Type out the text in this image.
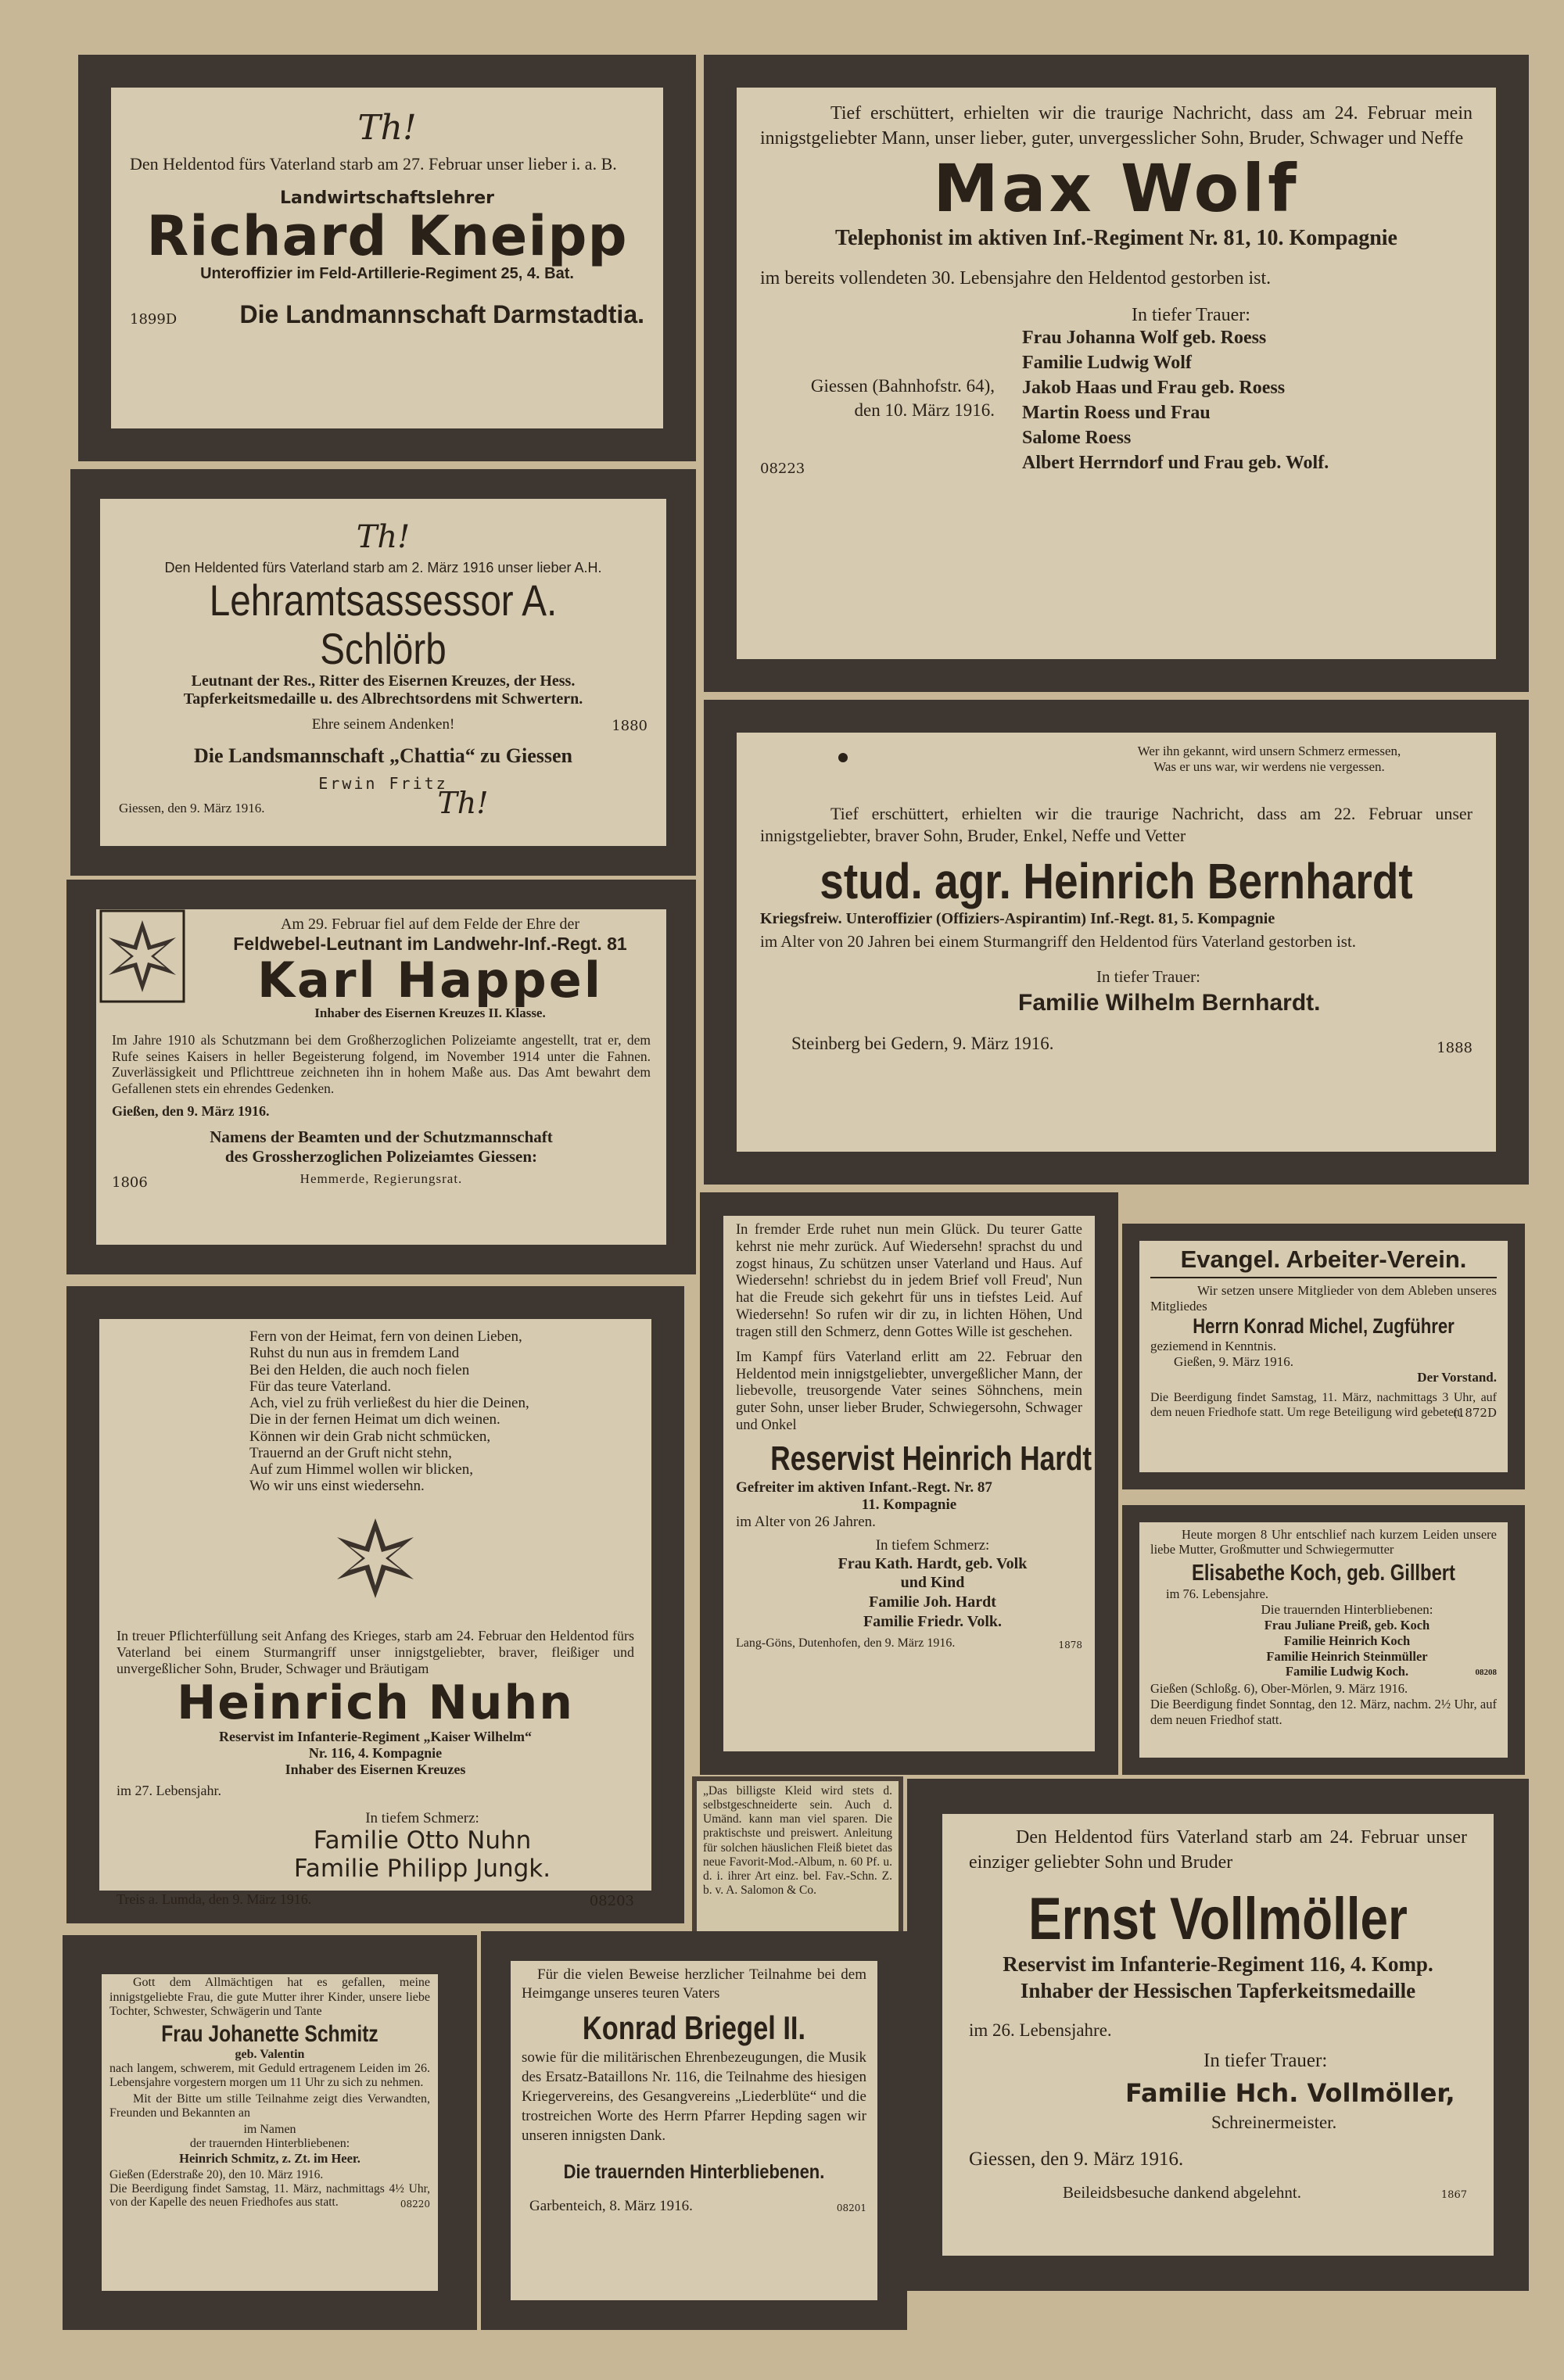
Th!

Den Heldentod fürs Vaterland starb am 27. Februar unser lieber i. a. B.

Landwirtschaftslehrer

Richard Kneipp

Unteroffizier im Feld-Artillerie-Regiment 25, 4. Bat.

1899D	Die Landmannschaft Darmstadtia.
Th!

Den Heldented fürs Vaterland starb am 2. März 1916 unser lieber A.H.

Lehramtsassessor A. Schlörb

Leutnant der Res., Ritter des Eisernen Kreuzes, der Hess.

Tapferkeitsmedaille u. des Albrechtsordens mit Schwertern.

Ehre seinem Andenken!	1880

Die Landsmannschaft „Chattia“ zu Giessen

Erwin Fritz

Giessen, den 9. März 1916.	Th!

Am 29. Februar fiel auf dem Felde der Ehre der

Feldwebel-Leutnant im Landwehr-Inf.-Regt. 81

Karl Happel

Inhaber des Eisernen Kreuzes II. Klasse.

Im Jahre 1910 als Schutzmann bei dem Großherzoglichen Polizeiamte angestellt, trat er, dem Rufe seines Kaisers in heller Begeisterung folgend, im November 1914 unter die Fahnen. Zuverlässigkeit und Pflichttreue zeichneten ihn in hohem Maße aus. Das Amt bewahrt dem Gefallenen stets ein ehrendes Gedenken.

Gießen, den 9. März 1916.

Namens der Beamten und der Schutzmannschaft

des Grossherzoglichen Polizeiamtes Giessen:

1806	Hemmerde, Regierungsrat.
Fern von der Heimat, fern von deinen Lieben,
Ruhst du nun aus in fremdem Land
Bei den Helden, die auch noch fielen
Für das teure Vaterland.
Ach, viel zu früh verließest du hier die Deinen,
Die in der fernen Heimat um dich weinen.
Können wir dein Grab nicht schmücken,
Trauernd an der Gruft nicht stehn,
Auf zum Himmel wollen wir blicken,
Wo wir uns einst wiedersehn.

In treuer Pflichterfüllung seit Anfang des Krieges, starb am 24. Februar den Heldentod fürs Vaterland bei einem Sturmangriff unser innigstgeliebter, braver, fleißiger und unvergeßlicher Sohn, Bruder, Schwager und Bräutigam

Heinrich Nuhn

Reservist im Infanterie-Regiment „Kaiser Wilhelm“

Nr. 116, 4. Kompagnie

Inhaber des Eisernen Kreuzes

im 27. Lebensjahr.

In tiefem Schmerz:

Familie Otto Nuhn

Familie Philipp Jungk.

Treis a. Lumda, den 9. März 1916.	08203

Tief erschüttert, erhielten wir die traurige Nachricht, dass am 24. Februar mein innigstgeliebter Mann, unser lieber, guter, unvergesslicher Sohn, Bruder, Schwager und Neffe

Max Wolf

Telephonist im aktiven Inf.-Regiment Nr. 81, 10. Kompagnie

im bereits vollendeten 30. Lebensjahre den Heldentod gestorben ist.

In tiefer Trauer:

Giessen (Bahnhofstr. 64),
den 10. März 1916.
08223
Frau Johanna Wolf geb. Roess
Familie Ludwig Wolf
Jakob Haas und Frau geb. Roess
Martin Roess und Frau
Salome Roess
Albert Herrndorf und Frau geb. Wolf.
Wer ihn gekannt, wird unsern Schmerz ermessen,
Was er uns war, wir werdens nie vergessen.

Tief erschüttert, erhielten wir die traurige Nachricht, dass am 22. Februar unser innigstgeliebter, braver Sohn, Bruder, Enkel, Neffe und Vetter

stud. agr. Heinrich Bernhardt

Kriegsfreiw. Unteroffizier (Offiziers-Aspirantim) Inf.-Regt. 81, 5. Kompagnie

im Alter von 20 Jahren bei einem Sturmangriff den Heldentod fürs Vaterland gestorben ist.

In tiefer Trauer:

Familie Wilhelm Bernhardt.

Steinberg bei Gedern, 9. März 1916.	1888

In fremder Erde ruhet nun mein Glück. Du teurer Gatte kehrst nie mehr zurück. Auf Wiedersehn! sprachst du und zogst hinaus, Zu schützen unser Vaterland und Haus. Auf Wiedersehn! schriebst du in jedem Brief voll Freud', Nun hat die Freude sich gekehrt für uns in tiefstes Leid. Auf Wiedersehn! So rufen wir dir zu, in lichten Höhen, Und tragen still den Schmerz, denn Gottes Wille ist geschehen.

Im Kampf fürs Vaterland erlitt am 22. Februar den Heldentod mein innigstgeliebter, unvergeßlicher Mann, der liebevolle, treusorgende Vater seines Söhnchens, mein guter Sohn, unser lieber Bruder, Schwiegersohn, Schwager und Onkel

Reservist Heinrich Hardt

Gefreiter im aktiven Infant.-Regt. Nr. 87

11. Kompagnie

im Alter von 26 Jahren.

In tiefem Schmerz:

Frau Kath. Hardt, geb. Volk
und Kind
Familie Joh. Hardt
Familie Friedr. Volk.
Lang-Göns, Dutenhofen, den 9. März 1916.	1878

Evangel. Arbeiter-Verein.

Wir setzen unsere Mitglieder von dem Ableben unseres Mitgliedes

Herrn Konrad Michel, Zugführer

geziemend in Kenntnis.

Gießen, 9. März 1916.

Der Vorstand.

Die Beerdigung findet Samstag, 11. März, nachmittags 3 Uhr, auf dem neuen Friedhofe statt. Um rege Beteiligung wird gebeten.

(1872D

Heute morgen 8 Uhr entschlief nach kurzem Leiden unsere liebe Mutter, Großmutter und Schwiegermutter

Elisabethe Koch, geb. Gillbert

im 76. Lebensjahre.

Die trauernden Hinterbliebenen:

Frau Juliane Preiß, geb. Koch
Familie Heinrich Koch
Familie Heinrich Steinmüller
Familie Ludwig Koch.	08208

Gießen (Schloßg. 6), Ober-Mörlen, 9. März 1916.

Die Beerdigung findet Sonntag, den 12. März, nachm. 2½ Uhr, auf dem neuen Friedhof statt.

„Das billigste Kleid wird stets d. selbstgeschneiderte sein. Auch d. Umänd. kann man viel sparen. Die praktischste und preiswert. Anleitung für solchen häuslichen Fleiß bietet das neue Favorit-Mod.-Album, n. 60 Pf. u. d. i. ihrer Art einz. bel. Fav.-Schn. Z. b. v. A. Salomon & Co.

Den Heldentod fürs Vaterland starb am 24. Februar unser einziger geliebter Sohn und Bruder

Ernst Vollmöller

Reservist im Infanterie-Regiment 116, 4. Komp.

Inhaber der Hessischen Tapferkeitsmedaille

im 26. Lebensjahre.

In tiefer Trauer:

Familie Hch. Vollmöller,

Schreinermeister.

Giessen, den 9. März 1916.

Beileidsbesuche dankend abgelehnt.	1867

Gott dem Allmächtigen hat es gefallen, meine innigstgeliebte Frau, die gute Mutter ihrer Kinder, unsere liebe Tochter, Schwester, Schwägerin und Tante

Frau Johanette Schmitz

geb. Valentin

nach langem, schwerem, mit Geduld ertragenem Leiden im 26. Lebensjahre vorgestern morgen um 11 Uhr zu sich zu nehmen.

Mit der Bitte um stille Teilnahme zeigt dies Verwandten, Freunden und Bekannten an

im Namen

der trauernden Hinterbliebenen:

Heinrich Schmitz, z. Zt. im Heer.

Gießen (Ederstraße 20), den 10. März 1916.

Die Beerdigung findet Samstag, 11. März, nachmittags 4½ Uhr, von der Kapelle des neuen Friedhofes aus statt.	08220

Für die vielen Beweise herzlicher Teilnahme bei dem Heimgange unseres teuren Vaters

Konrad Briegel II.

sowie für die militärischen Ehrenbezeugungen, die Musik des Ersatz-Bataillons Nr. 116, die Teilnahme des hiesigen Kriegervereins, des Gesangvereins „Liederblüte“ und die trostreichen Worte des Herrn Pfarrer Hepding sagen wir unseren innigsten Dank.

Die trauernden Hinterbliebenen.

Garbenteich, 8. März 1916.	08201
